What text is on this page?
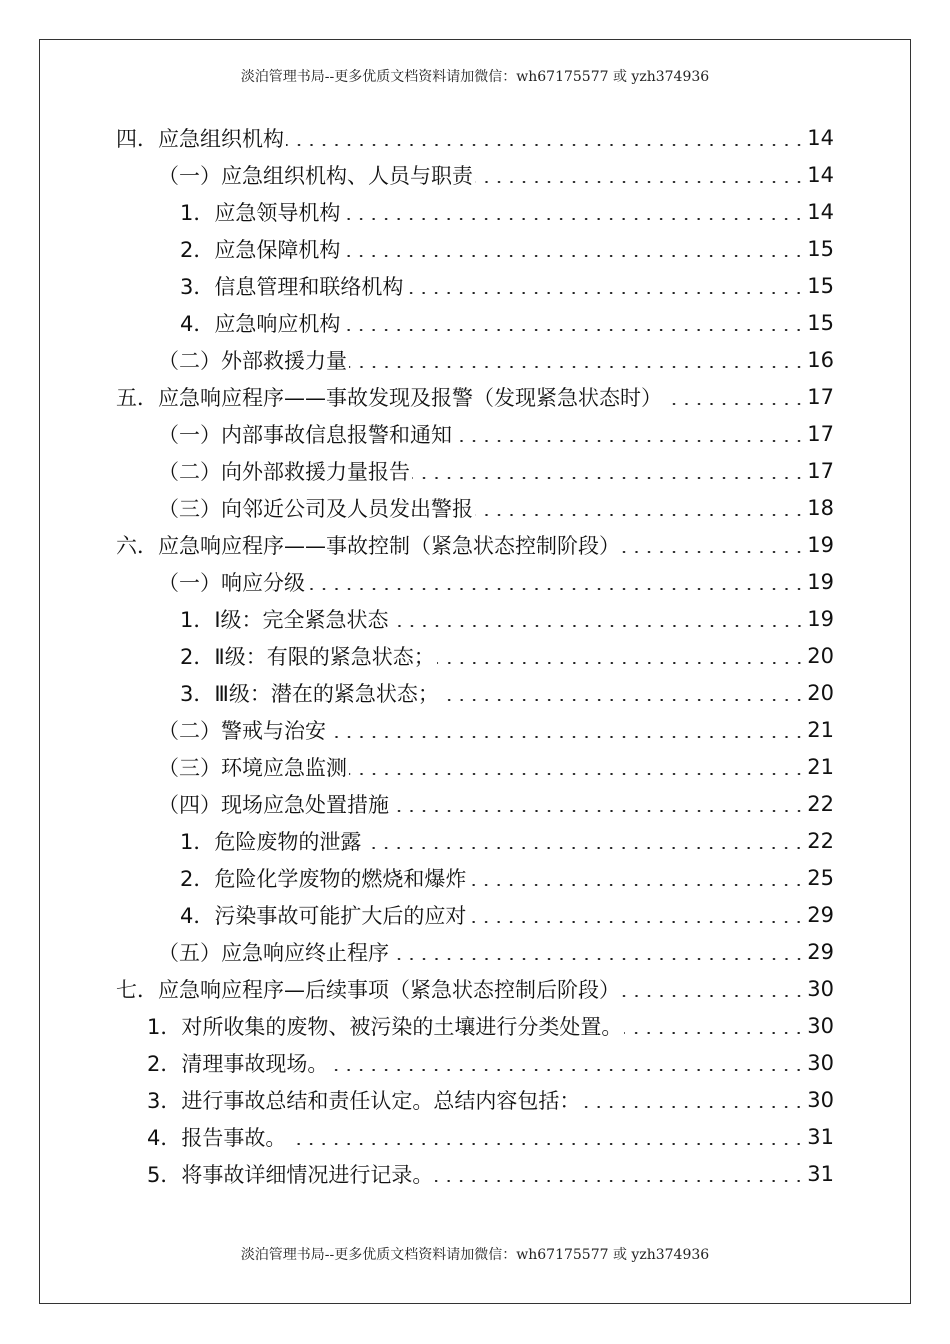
淡泊管理书局--更多优质文档资料请加微信：wh67175577 或 yzh374936
四．应急组织机构	14
（一）应急组织机构、人员与职责	14
1．应急领导机构	14
2．应急保障机构	15
3．信息管理和联络机构	15
4．应急响应机构	15
（二）外部救援力量	16
五．应急响应程序——事故发现及报警（发现紧急状态时）	17
（一）内部事故信息报警和通知	17
（二）向外部救援力量报告	17
（三）向邻近公司及人员发出警报	18
六．应急响应程序——事故控制（紧急状态控制阶段）	19
（一）响应分级	19
1．Ⅰ级：完全紧急状态	19
2．Ⅱ级：有限的紧急状态；	20
3．Ⅲ级：潜在的紧急状态；	20
（二）警戒与治安	21
（三）环境应急监测	21
（四）现场应急处置措施	22
1．危险废物的泄露	22
2．危险化学废物的燃烧和爆炸	25
4．污染事故可能扩大后的应对	29
（五）应急响应终止程序	29
七．应急响应程序—后续事项（紧急状态控制后阶段）	30
1．对所收集的废物、被污染的土壤进行分类处置。	30
2．清理事故现场。	30
3．进行事故总结和责任认定。总结内容包括：	30
4．报告事故。	31
5．将事故详细情况进行记录。	31
淡泊管理书局--更多优质文档资料请加微信：wh67175577 或 yzh374936
